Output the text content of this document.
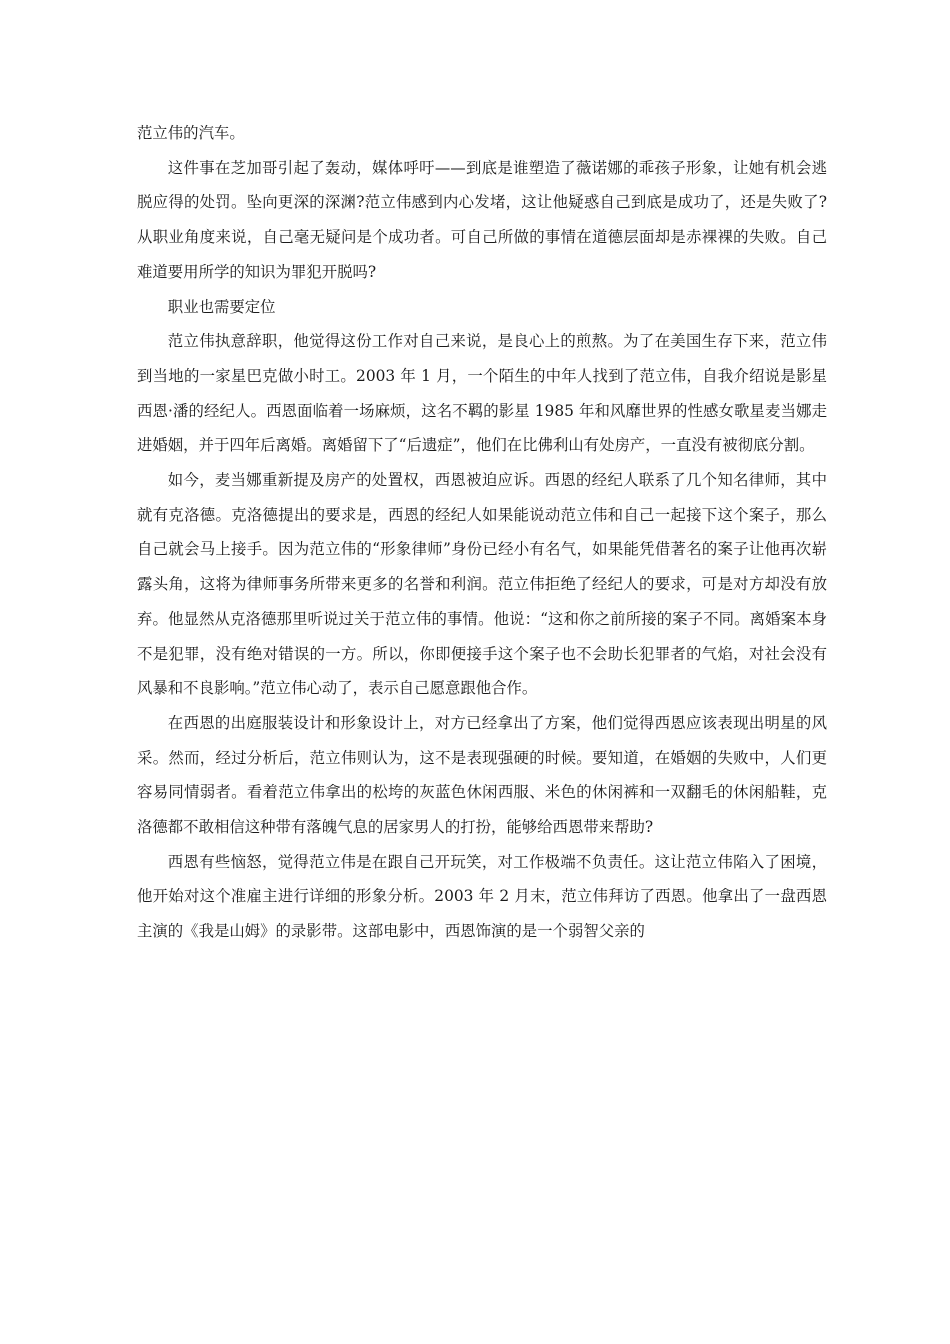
范立伟的汽车。

这件事在芝加哥引起了轰动，媒体呼吁——到底是谁塑造了薇诺娜的乖孩子形象，让她有机会逃脱应得的处罚。坠向更深的深渊?范立伟感到内心发堵，这让他疑惑自己到底是成功了，还是失败了?从职业角度来说，自己毫无疑问是个成功者。可自己所做的事情在道德层面却是赤裸裸的失败。自己难道要用所学的知识为罪犯开脱吗?

职业也需要定位

范立伟执意辞职，他觉得这份工作对自己来说，是良心上的煎熬。为了在美国生存下来，范立伟到当地的一家星巴克做小时工。2003 年 1 月，一个陌生的中年人找到了范立伟，自我介绍说是影星西恩·潘的经纪人。西恩面临着一场麻烦，这名不羁的影星 1985 年和风靡世界的性感女歌星麦当娜走进婚姻，并于四年后离婚。离婚留下了“后遗症”，他们在比佛利山有处房产，一直没有被彻底分割。

如今，麦当娜重新提及房产的处置权，西恩被迫应诉。西恩的经纪人联系了几个知名律师，其中就有克洛德。克洛德提出的要求是，西恩的经纪人如果能说动范立伟和自己一起接下这个案子，那么自己就会马上接手。因为范立伟的“形象律师”身份已经小有名气，如果能凭借著名的案子让他再次崭露头角，这将为律师事务所带来更多的名誉和利润。范立伟拒绝了经纪人的要求，可是对方却没有放弃。他显然从克洛德那里听说过关于范立伟的事情。他说：“这和你之前所接的案子不同。离婚案本身不是犯罪，没有绝对错误的一方。所以，你即便接手这个案子也不会助长犯罪者的气焰，对社会没有风暴和不良影响。”范立伟心动了，表示自己愿意跟他合作。

在西恩的出庭服装设计和形象设计上，对方已经拿出了方案，他们觉得西恩应该表现出明星的风采。然而，经过分析后，范立伟则认为，这不是表现强硬的时候。要知道，在婚姻的失败中，人们更容易同情弱者。看着范立伟拿出的松垮的灰蓝色休闲西服、米色的休闲裤和一双翻毛的休闲船鞋，克洛德都不敢相信这种带有落魄气息的居家男人的打扮，能够给西恩带来帮助?

西恩有些恼怒，觉得范立伟是在跟自己开玩笑，对工作极端不负责任。这让范立伟陷入了困境，他开始对这个准雇主进行详细的形象分析。2003 年 2 月末，范立伟拜访了西恩。他拿出了一盘西恩主演的《我是山姆》的录影带。这部电影中，西恩饰演的是一个弱智父亲的
